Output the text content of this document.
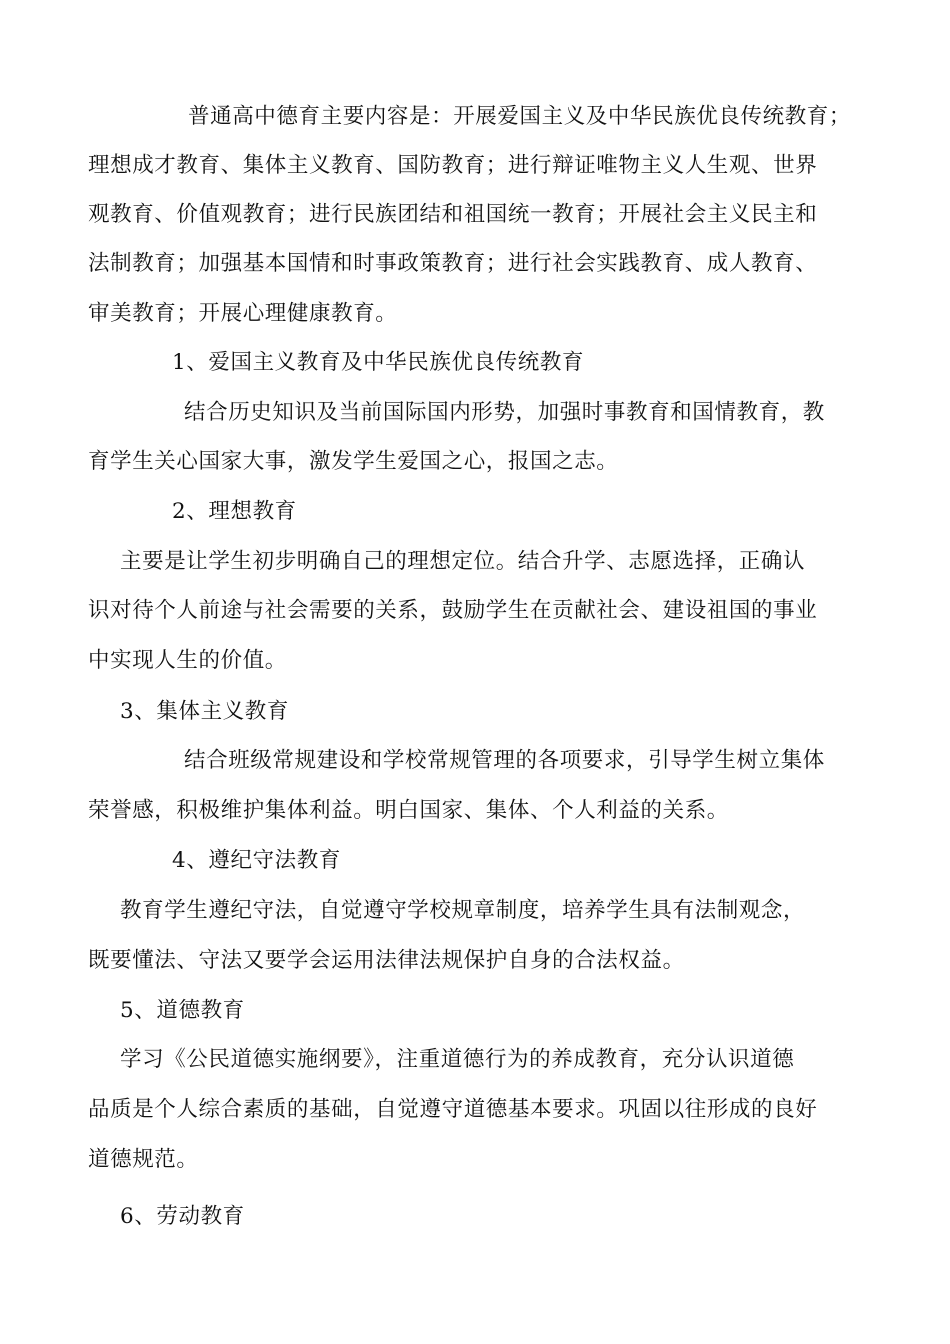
普通高中德育主要内容是：开展爱国主义及中华民族优良传统教育；
理想成才教育、集体主义教育、国防教育；进行辩证唯物主义人生观、世界
观教育、价值观教育；进行民族团结和祖国统一教育；开展社会主义民主和
法制教育；加强基本国情和时事政策教育；进行社会实践教育、成人教育、
审美教育；开展心理健康教育。
1、爱国主义教育及中华民族优良传统教育
结合历史知识及当前国际国内形势，加强时事教育和国情教育，教
育学生关心国家大事，激发学生爱国之心，报国之志。
2、理想教育
主要是让学生初步明确自己的理想定位。结合升学、志愿选择，正确认
识对待个人前途与社会需要的关系，鼓励学生在贡献社会、建设祖国的事业
中实现人生的价值。
3、集体主义教育
结合班级常规建设和学校常规管理的各项要求，引导学生树立集体
荣誉感，积极维护集体利益。明白国家、集体、个人利益的关系。
4、遵纪守法教育
教育学生遵纪守法，自觉遵守学校规章制度，培养学生具有法制观念，
既要懂法、守法又要学会运用法律法规保护自身的合法权益。
5、道德教育
学习《公民道德实施纲要》，注重道德行为的养成教育，充分认识道德
品质是个人综合素质的基础，自觉遵守道德基本要求。巩固以往形成的良好
道德规范。
6、劳动教育
